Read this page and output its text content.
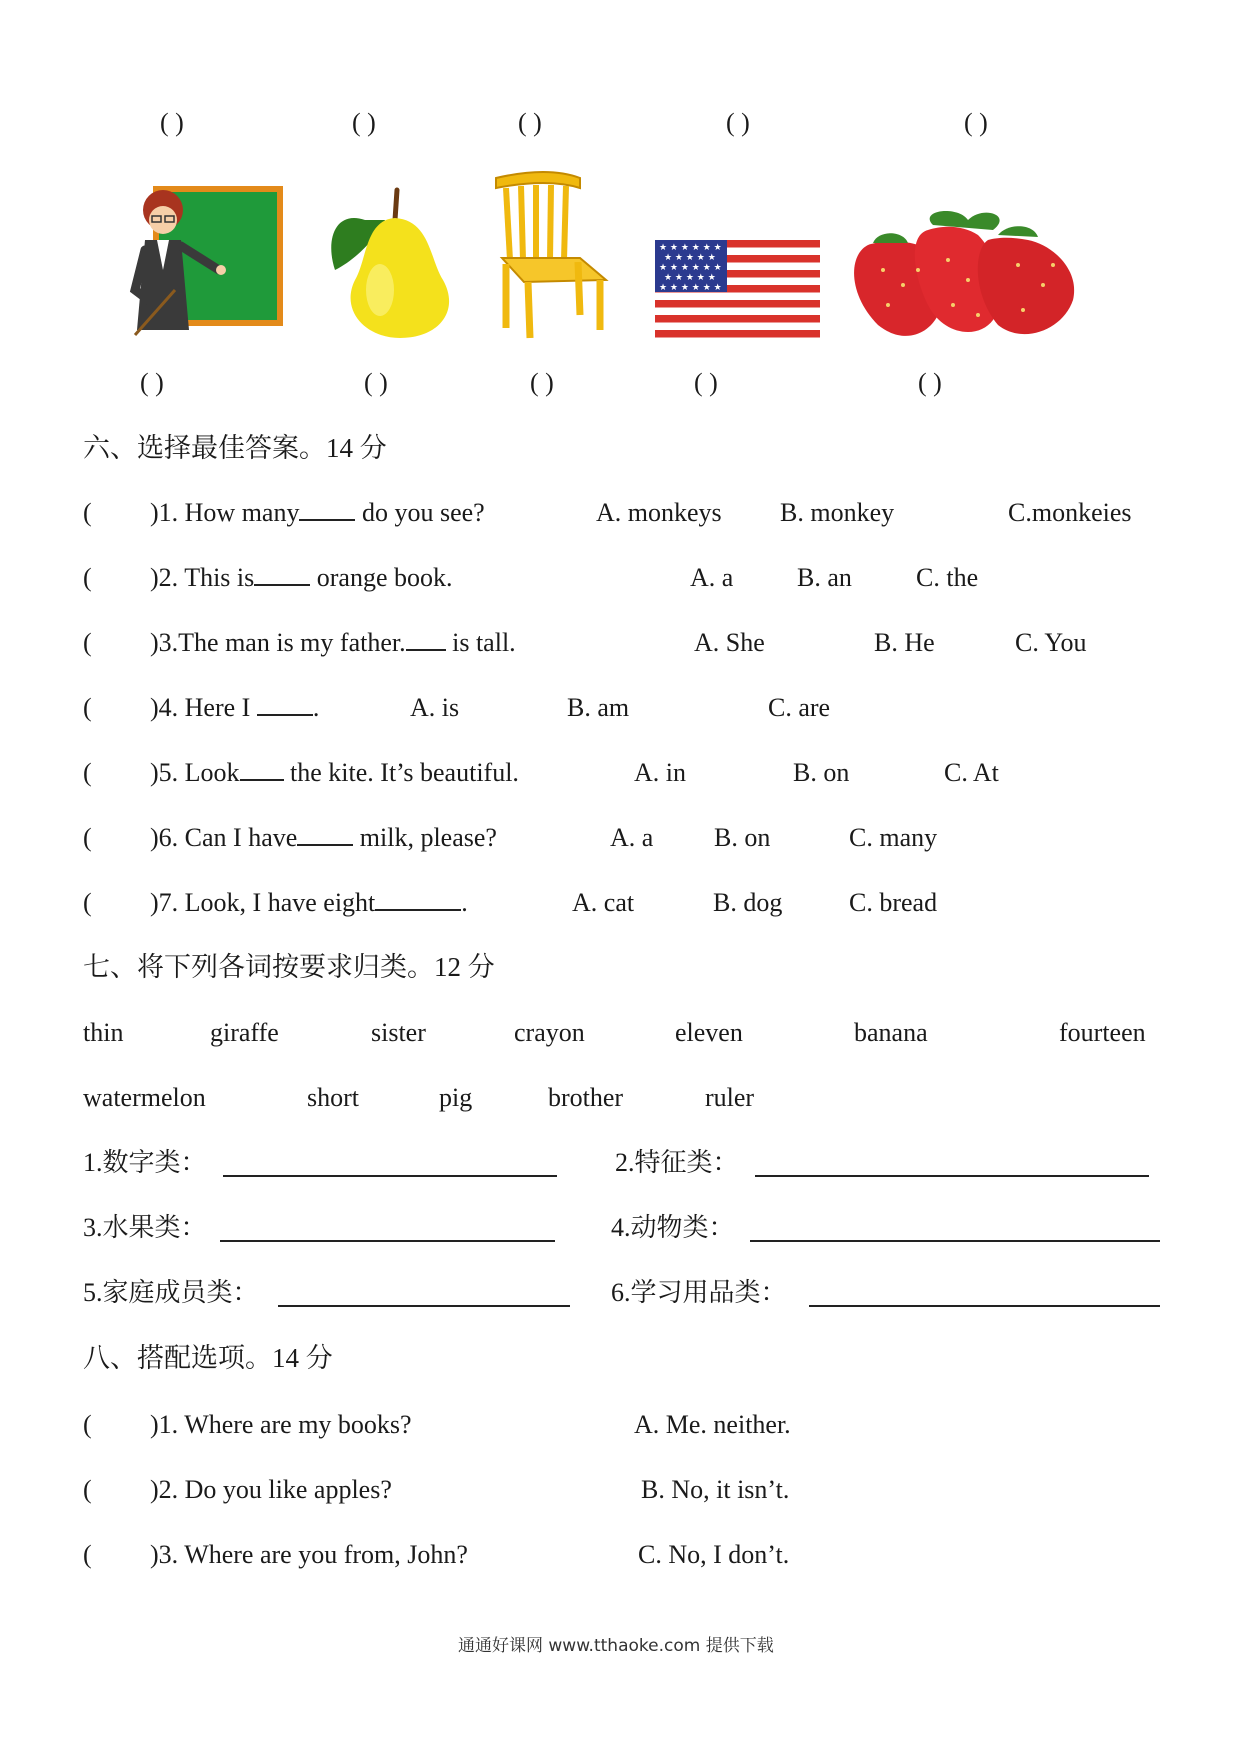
( )	( )	( )	( )	( )
★ ★ ★ ★ ★ ★
★ ★ ★ ★ ★
★ ★ ★ ★ ★ ★
★ ★ ★ ★ ★
★ ★ ★ ★ ★ ★
( )	( )	( )	( )	( )
六、选择最佳答案。14 分
( )1. How many do you see?	A. monkeys B. monkey	C.monkeies
( )2. This is orange book.	A. a B. an C. the
( )3.The man is my father. is tall.	A. She	B. He	C. You
( )4. Here I .	A. is	B. am	C. are
( )5. Look the kite. It’s beautiful.	A. in	B. on	C. At
( )6. Can I have milk, please?	A. a B. on	C. many
( )7. Look, I have eight	.	A. cat	B. dog	C. bread
七、将下列各词按要求归类。12 分
thin	giraffe	sister	crayon	eleven	banana	fourteen
watermelon	short	pig	brother	ruler
1.数字类：	2.特征类：
3.水果类：	4.动物类：
5.家庭成员类：	6.学习用品类：
八、搭配选项。14 分
( )1. Where are my books?	A. Me. neither.
( )2. Do you like apples?	B. No, it isn’t.
( )3. Where are you from, John?	C. No, I don’t.
通通好课网 www.tthaoke.com 提供下载
